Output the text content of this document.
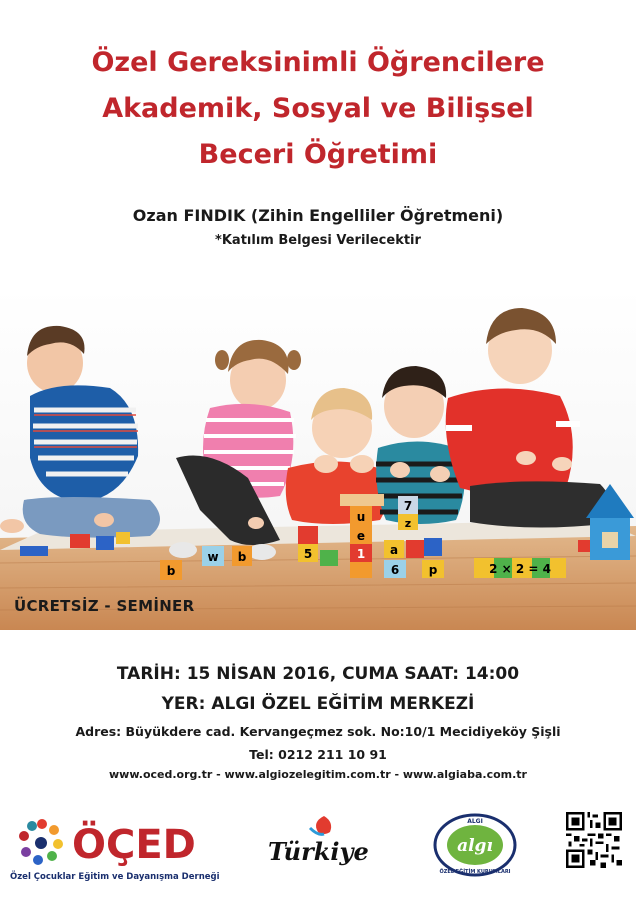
Özel Gereksinimli Öğrencilere
Akademik, Sosyal ve Bilişsel
Beceri Öğretimi
Ozan FINDIK (Zihin Engelliler Öğretmeni)
*Katılım Belgesi Verilecektir
b
w b	5
u
e
1
7
z
a
6 p	2 × 2 = 4
ÜCRETSİZ - SEMİNER
TARİH: 15 NİSAN 2016, CUMA SAAT: 14:00
YER: ALGI ÖZEL EĞİTİM MERKEZİ
Adres: Büyükdere cad. Kervangeçmez sok. No:10/1 Mecidiyeköy Şişli
Tel: 0212 211 10 91
www.oced.org.tr - www.algiozelegitim.com.tr - www.algiaba.com.tr
ÖÇED
Özel Çocuklar Eğitim ve Dayanışma Derneği
Türkiye	algı
ALGI
ÖZEL EĞİTİM KURUMLARI
